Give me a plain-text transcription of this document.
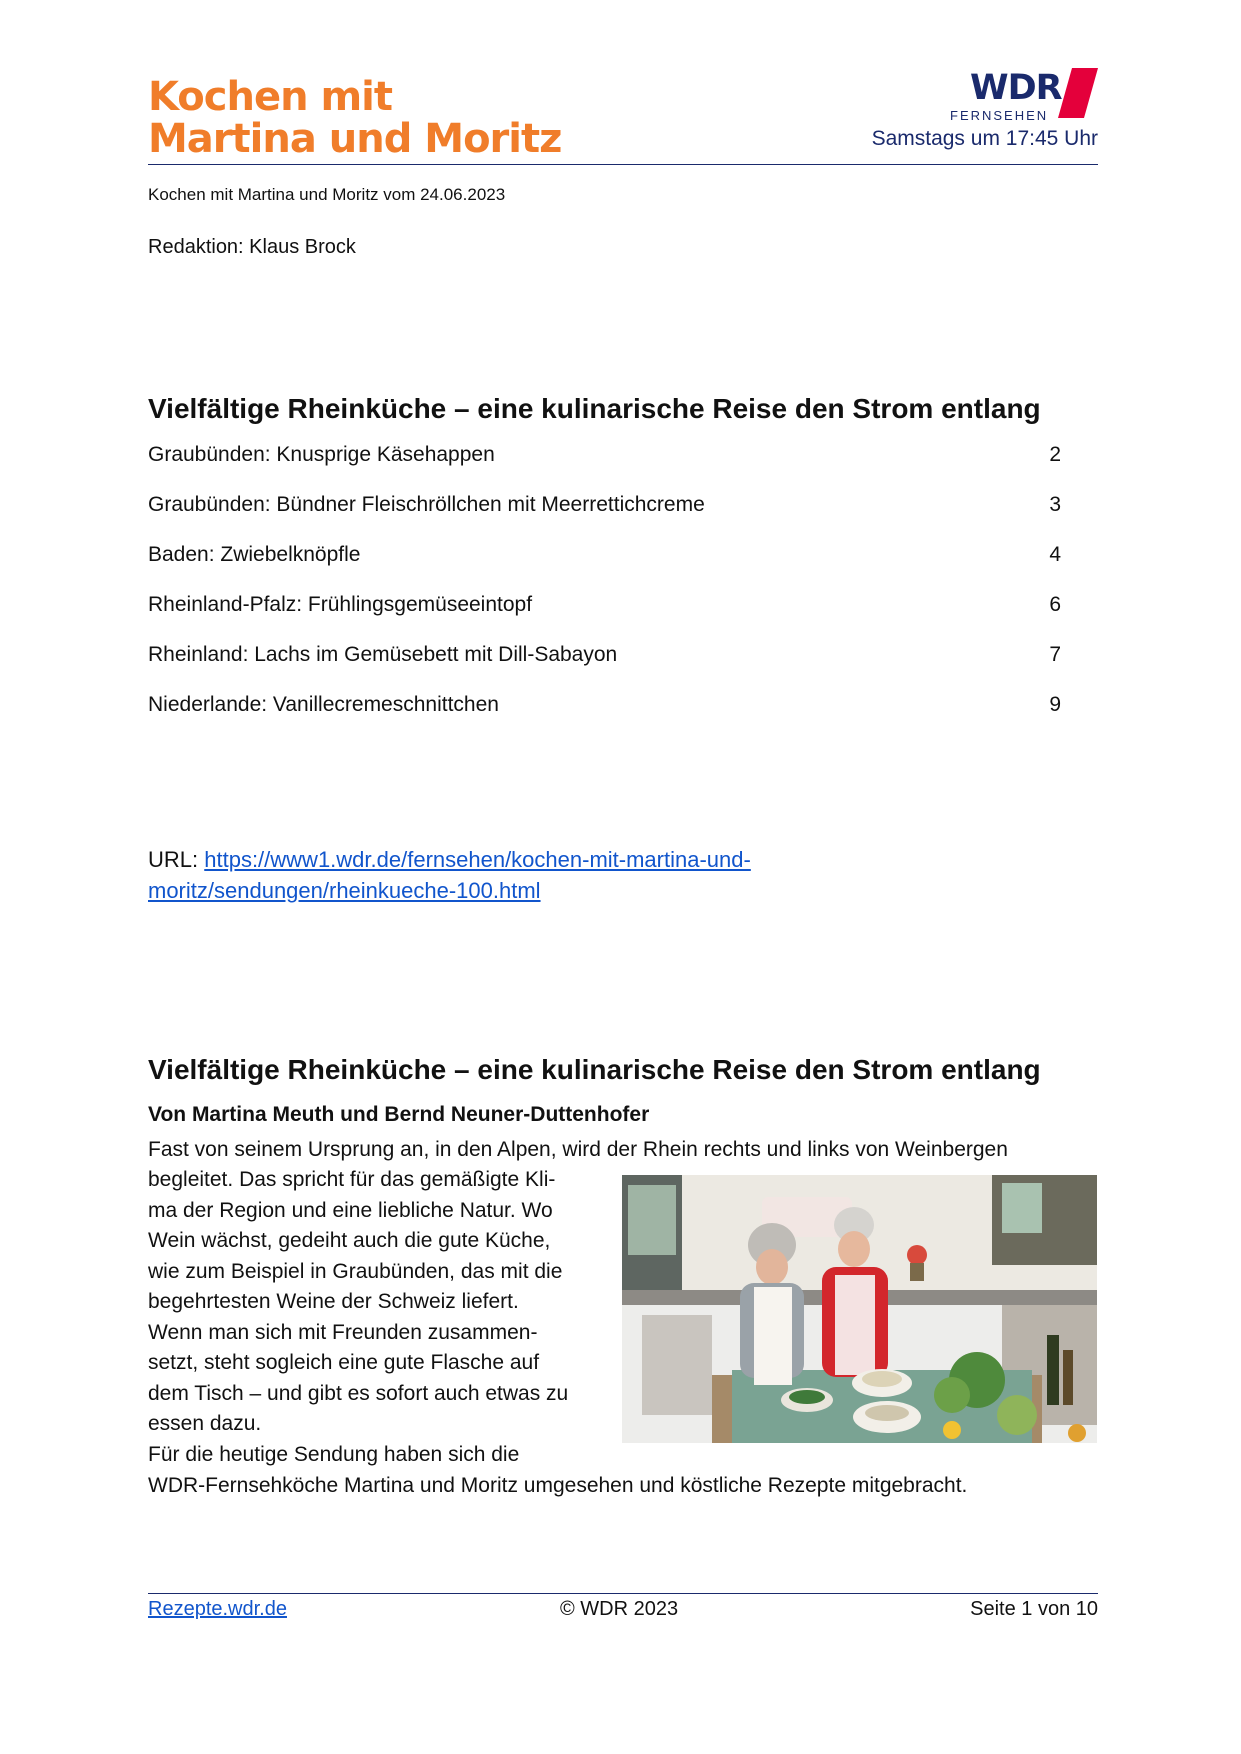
Kochen mit
Martina und Moritz
WDR
FERNSEHEN
Samstags um 17:45 Uhr
Kochen mit Martina und Moritz vom 24.06.2023
Redaktion: Klaus Brock
Vielfältige Rheinküche – eine kulinarische Reise den Strom entlang
Graubünden: Knusprige Käsehappen	2
Graubünden: Bündner Fleischröllchen mit Meerrettichcreme	3
Baden: Zwiebelknöpfle	4
Rheinland-Pfalz: Frühlingsgemüseeintopf	6
Rheinland: Lachs im Gemüsebett mit Dill-Sabayon	7
Niederlande: Vanillecremeschnittchen	9
URL: https://www1.wdr.de/fernsehen/kochen-mit-martina-und-
moritz/sendungen/rheinkueche-100.html
Vielfältige Rheinküche – eine kulinarische Reise den Strom entlang
Von Martina Meuth und Bernd Neuner-Duttenhofer
Fast von seinem Ursprung an, in den Alpen, wird der Rhein rechts und links von Weinbergen
begleitet. Das spricht für das gemäßigte Kli-
ma der Region und eine liebliche Natur. Wo
Wein wächst, gedeiht auch die gute Küche,
wie zum Beispiel in Graubünden, das mit die
begehrtesten Weine der Schweiz liefert.
Wenn man sich mit Freunden zusammen-
setzt, steht sogleich eine gute Flasche auf
dem Tisch – und gibt es sofort auch etwas zu
essen dazu.
Für die heutige Sendung haben sich die
WDR-Fernsehköche Martina und Moritz umgesehen und köstliche Rezepte mitgebracht.
Rezepte.wdr.de	© WDR 2023	Seite 1 von 10
